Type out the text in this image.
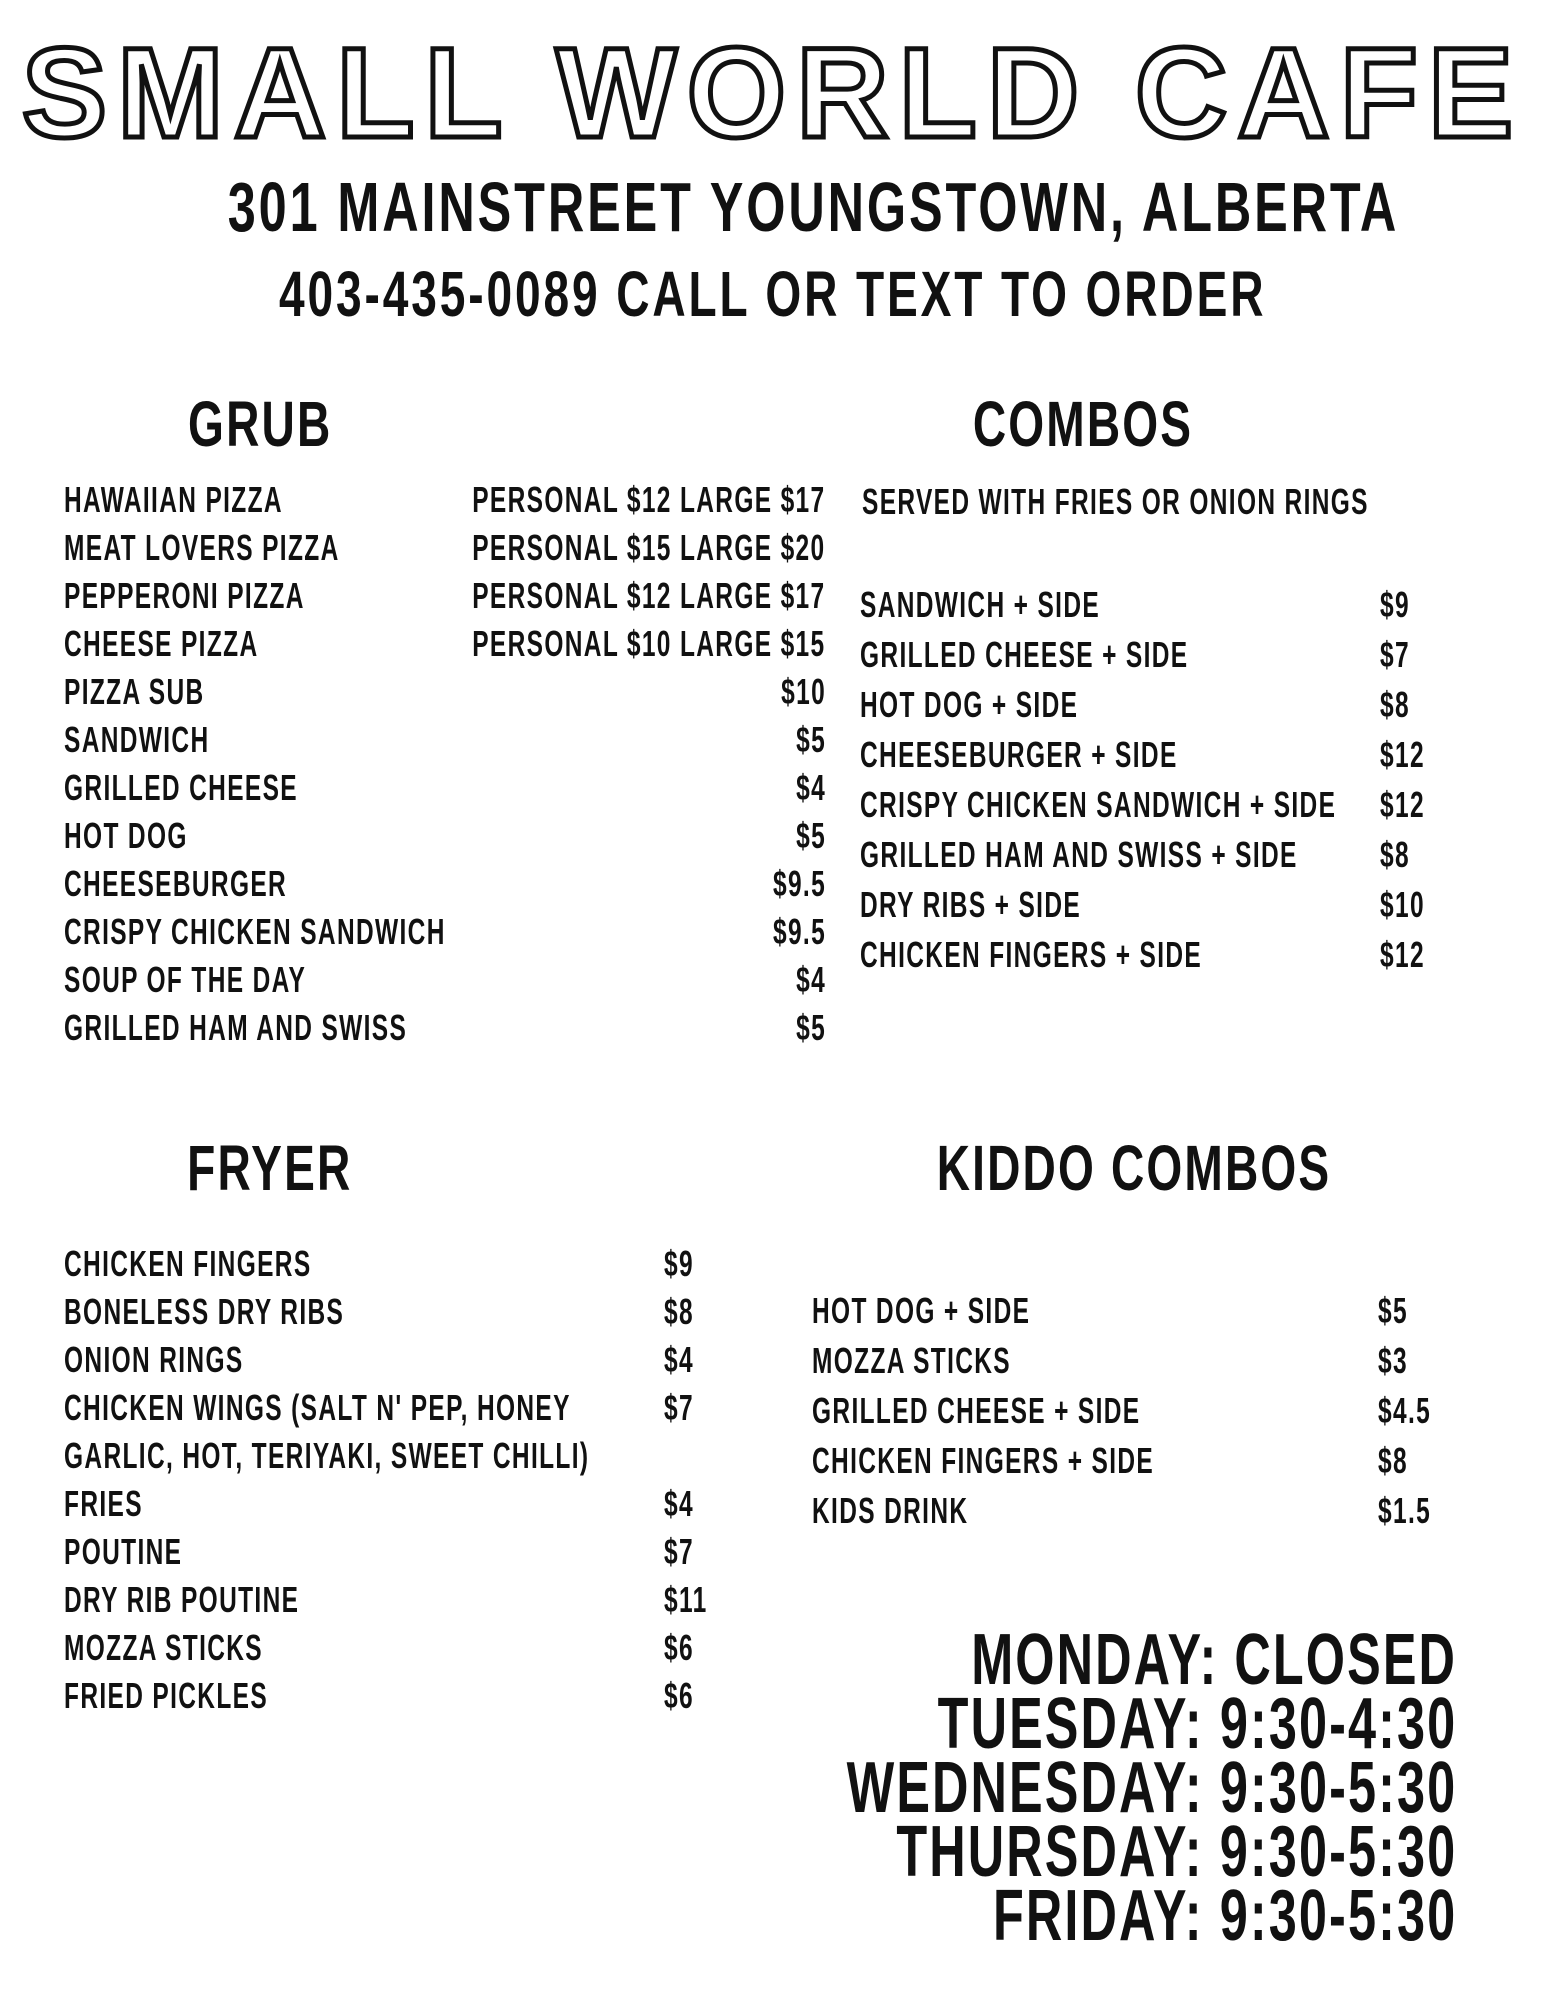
SMALL WORLD CAFE
301 MAINSTREET YOUNGSTOWN, ALBERTA
403-435-0089 CALL OR TEXT TO ORDER
GRUB
HAWAIIAN PIZZA	PERSONAL $12 LARGE $17
MEAT LOVERS PIZZA	PERSONAL $15 LARGE $20
PEPPERONI PIZZA	PERSONAL $12 LARGE $17
CHEESE PIZZA	PERSONAL $10 LARGE $15
PIZZA SUB	$10
SANDWICH	$5
GRILLED CHEESE	$4
HOT DOG	$5
CHEESEBURGER	$9.5
CRISPY CHICKEN SANDWICH	$9.5
SOUP OF THE DAY	$4
GRILLED HAM AND SWISS	$5
COMBOS
SERVED WITH FRIES OR ONION RINGS
SANDWICH + SIDE	$9
GRILLED CHEESE + SIDE	$7
HOT DOG + SIDE	$8
CHEESEBURGER + SIDE	$12
CRISPY CHICKEN SANDWICH + SIDE $12
GRILLED HAM AND SWISS + SIDE $8
DRY RIBS + SIDE	$10
CHICKEN FINGERS + SIDE	$12
FRYER
CHICKEN FINGERS	$9
BONELESS DRY RIBS	$8
ONION RINGS	$4
CHICKEN WINGS (SALT N' PEP, HONEY	$7
GARLIC, HOT, TERIYAKI, SWEET CHILLI)
FRIES	$4
POUTINE	$7
DRY RIB POUTINE	$11
MOZZA STICKS	$6
FRIED PICKLES	$6
KIDDO COMBOS
HOT DOG + SIDE	$5
MOZZA STICKS	$3
GRILLED CHEESE + SIDE	$4.5
CHICKEN FINGERS + SIDE	$8
KIDS DRINK	$1.5
MONDAY: CLOSED
TUESDAY: 9:30-4:30
WEDNESDAY: 9:30-5:30
THURSDAY: 9:30-5:30
FRIDAY: 9:30-5:30
